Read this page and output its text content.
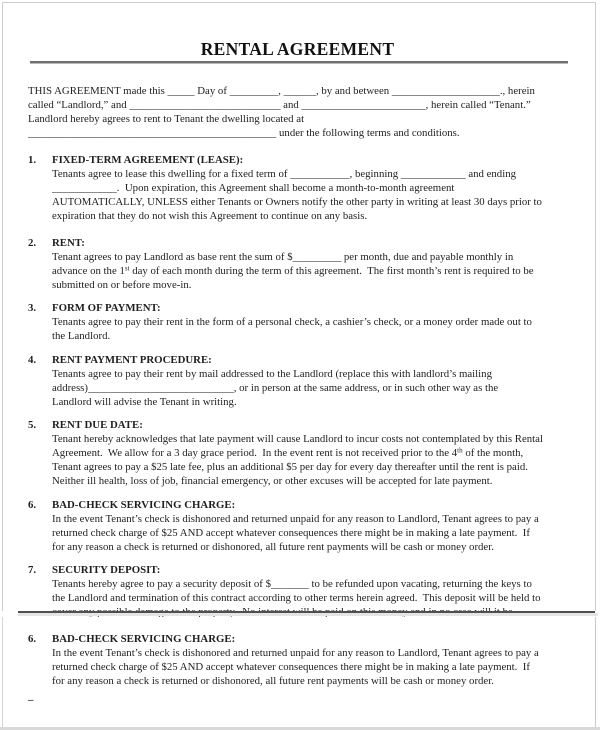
RENTAL AGREEMENT
THIS AGREEMENT made this _____ Day of _________, ______, by and between ____________________., herein
called “Landlord,” and ____________________________ and _______________________, herein called “Tenant.”
Landlord hereby agrees to rent to Tenant the dwelling located at
______________________________________________ under the following terms and conditions.
1. FIXED-TERM AGREEMENT (LEASE):
Tenants agree to lease this dwelling for a fixed term of ___________, beginning ____________ and ending
____________.  Upon expiration, this Agreement shall become a month-to-month agreement
AUTOMATICALLY, UNLESS either Tenants or Owners notify the other party in writing at least 30 days prior to
expiration that they do not wish this Agreement to continue on any basis.
2. RENT:
Tenant agrees to pay Landlord as base rent the sum of $_________ per month, due and payable monthly in
advance on the 1st day of each month during the term of this agreement.  The first month’s rent is required to be
submitted on or before move-in.
3. FORM OF PAYMENT:
Tenants agree to pay their rent in the form of a personal check, a cashier’s check, or a money order made out to
the Landlord.
4. RENT PAYMENT PROCEDURE:
Tenants agree to pay their rent by mail addressed to the Landlord (replace this with landlord’s mailing
address)___________________________, or in person at the same address, or in such other way as the
Landlord will advise the Tenant in writing.
5. RENT DUE DATE:
Tenant hereby acknowledges that late payment will cause Landlord to incur costs not contemplated by this Rental
Agreement.  We allow for a 3 day grace period.  In the event rent is not received prior to the 4th of the month,
Tenant agrees to pay a $25 late fee, plus an additional $5 per day for every day thereafter until the rent is paid.
Neither ill health, loss of job, financial emergency, or other excuses will be accepted for late payment.
6. BAD-CHECK SERVICING CHARGE:
In the event Tenant’s check is dishonored and returned unpaid for any reason to Landlord, Tenant agrees to pay a
returned check charge of $25 AND accept whatever consequences there might be in making a late payment.  If
for any reason a check is returned or dishonored, all future rent payments will be cash or money order.
7. SECURITY DEPOSIT:
Tenants hereby agree to pay a security deposit of $_______ to be refunded upon vacating, returning the keys to
the Landlord and termination of this contract according to other terms herein agreed.  This deposit will be held to
6. BAD-CHECK SERVICING CHARGE:
In the event Tenant’s check is dishonored and returned unpaid for any reason to Landlord, Tenant agrees to pay a
returned check charge of $25 AND accept whatever consequences there might be in making a late payment.  If
for any reason a check is returned or dishonored, all future rent payments will be cash or money order.
–
